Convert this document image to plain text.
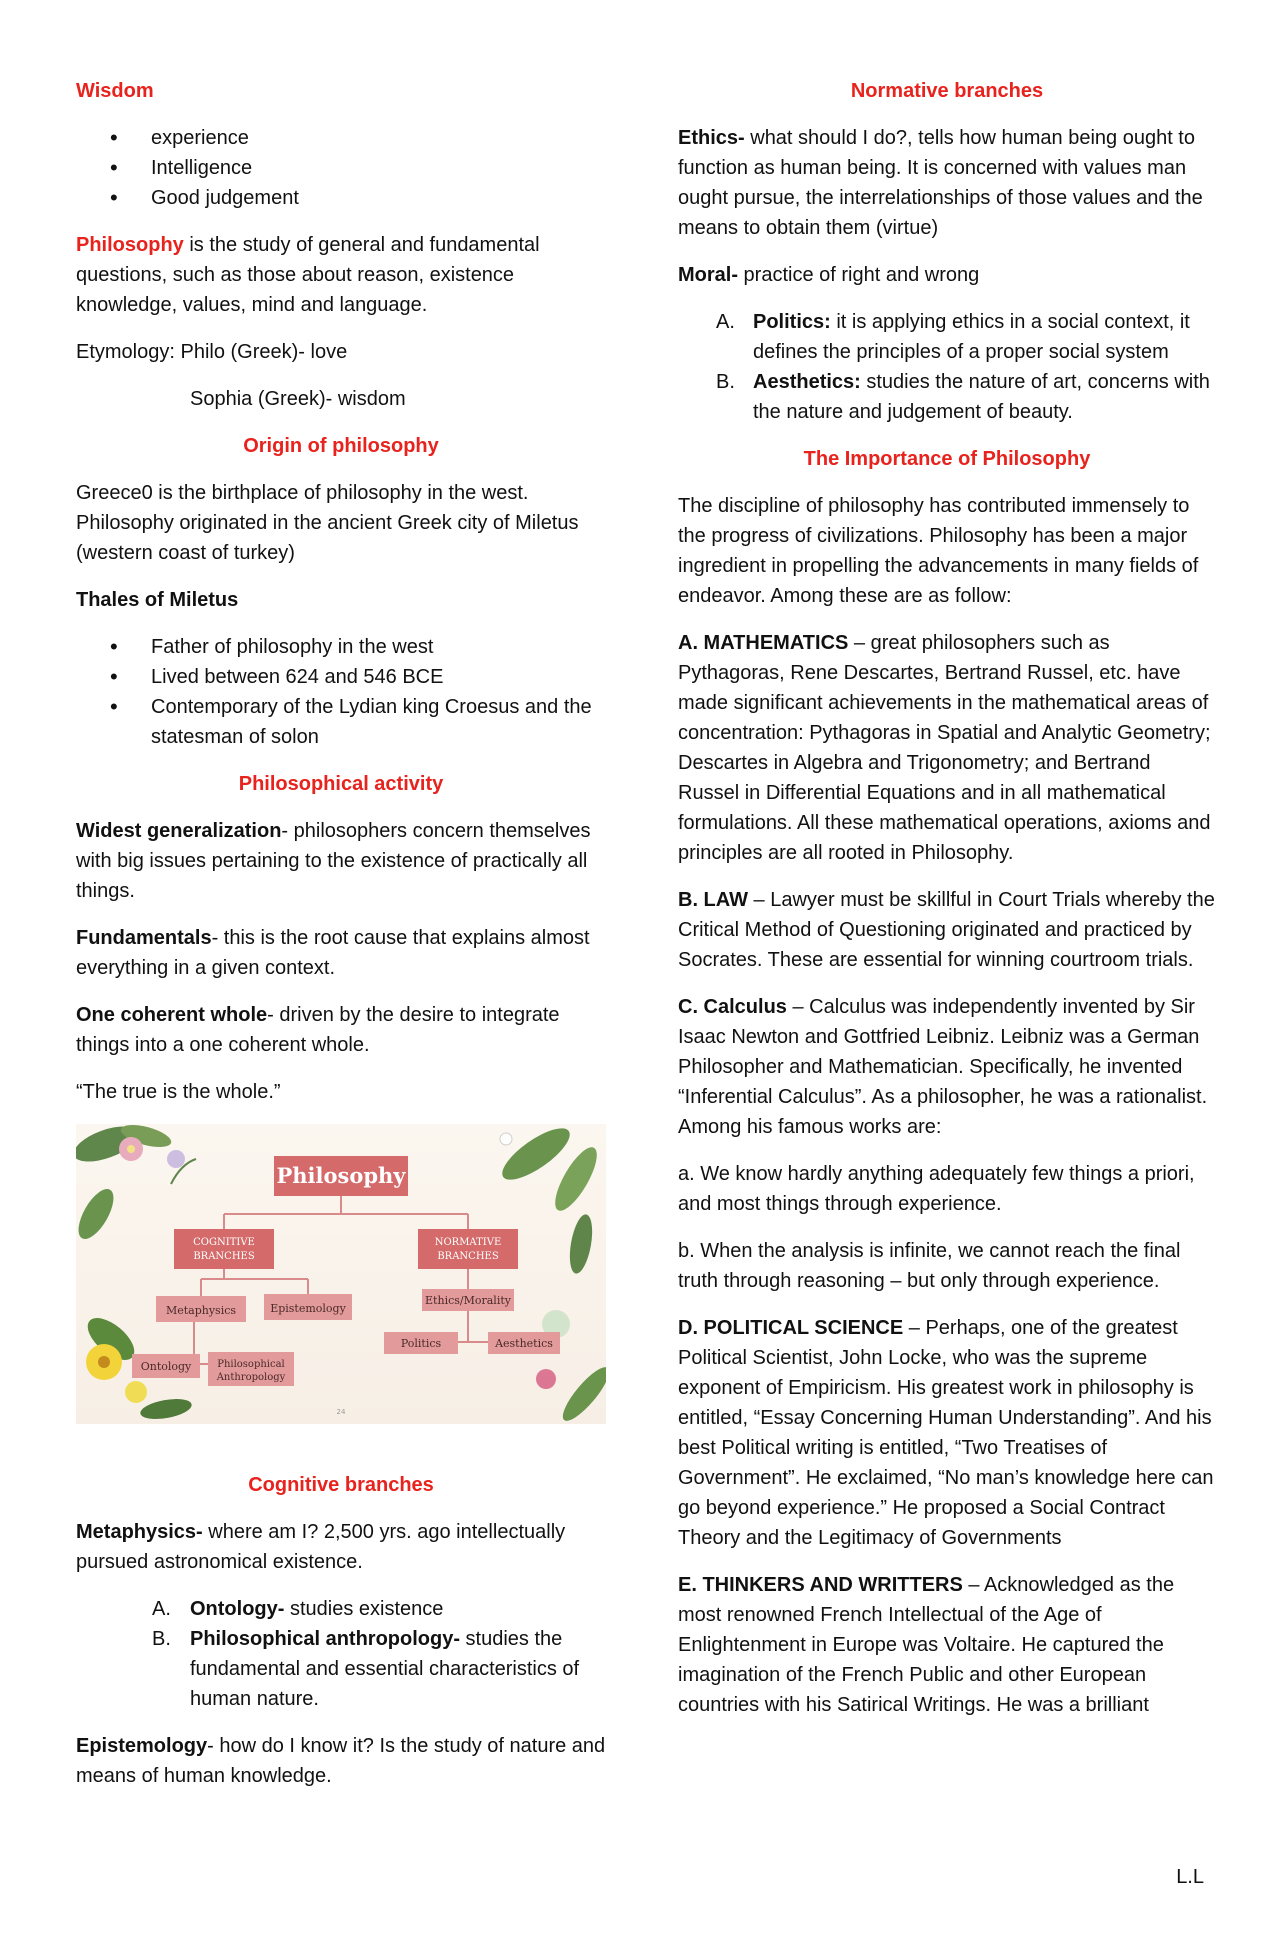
Wisdom

• experience
• Intelligence
• Good judgement

Philosophy is the study of general and fundamental questions, such as those about reason, existence knowledge, values, mind and language.

Etymology: Philo (Greek)- love

Sophia (Greek)- wisdom

Origin of philosophy

Greece0 is the birthplace of philosophy in the west. Philosophy originated in the ancient Greek city of Miletus (western coast of turkey)

Thales of Miletus

• Father of philosophy in the west
• Lived between 624 and 546 BCE
• Contemporary of the Lydian king Croesus and the statesman of solon

Philosophical activity

Widest generalization- philosophers concern themselves with big issues pertaining to the existence of practically all things.

Fundamentals- this is the root cause that explains almost everything in a given context.

One coherent whole- driven by the desire to integrate things into a one coherent whole.

“The true is the whole.”

Philosophy
COGNITIVE
BRANCHES
NORMATIVE
BRANCHES
Metaphysics	Epistemology
Ethics/Morality
Politics	Aesthetics
Ontology	Philosophical
Anthropology
24

Cognitive branches

Metaphysics- where am I? 2,500 yrs. ago intellectually pursued astronomical existence.

A. Ontology- studies existence
B. Philosophical anthropology- studies the fundamental and essential characteristics of human nature.

Epistemology- how do I know it? Is the study of nature and means of human knowledge.

Normative branches

Ethics- what should I do?, tells how human being ought to function as human being. It is concerned with values man ought pursue, the interrelationships of those values and the means to obtain them (virtue)

Moral- practice of right and wrong

A. Politics: it is applying ethics in a social context, it defines the principles of a proper social system
B. Aesthetics: studies the nature of art, concerns with the nature and judgement of beauty.

The Importance of Philosophy

The discipline of philosophy has contributed immensely to the progress of civilizations. Philosophy has been a major ingredient in propelling the advancements in many fields of endeavor. Among these are as follow:

A. MATHEMATICS – great philosophers such as Pythagoras, Rene Descartes, Bertrand Russel, etc. have made significant achievements in the mathematical areas of concentration: Pythagoras in Spatial and Analytic Geometry; Descartes in Algebra and Trigonometry; and Bertrand Russel in Differential Equations and in all mathematical formulations. All these mathematical operations, axioms and principles are all rooted in Philosophy.

B. LAW – Lawyer must be skillful in Court Trials whereby the Critical Method of Questioning originated and practiced by Socrates. These are essential for winning courtroom trials.

C. Calculus – Calculus was independently invented by Sir Isaac Newton and Gottfried Leibniz. Leibniz was a German Philosopher and Mathematician. Specifically, he invented “Inferential Calculus”. As a philosopher, he was a rationalist. Among his famous works are:

a. We know hardly anything adequately few things a priori, and most things through experience.

b. When the analysis is infinite, we cannot reach the final truth through reasoning – but only through experience.

D. POLITICAL SCIENCE – Perhaps, one of the greatest Political Scientist, John Locke, who was the supreme exponent of Empiricism. His greatest work in philosophy is entitled, “Essay Concerning Human Understanding”. And his best Political writing is entitled, “Two Treatises of Government”. He exclaimed, “No man’s knowledge here can go beyond experience.” He proposed a Social Contract Theory and the Legitimacy of Governments

E. THINKERS AND WRITTERS – Acknowledged as the most renowned French Intellectual of the Age of Enlightenment in Europe was Voltaire. He captured the imagination of the French Public and other European countries with his Satirical Writings. He was a brilliant

L.L
